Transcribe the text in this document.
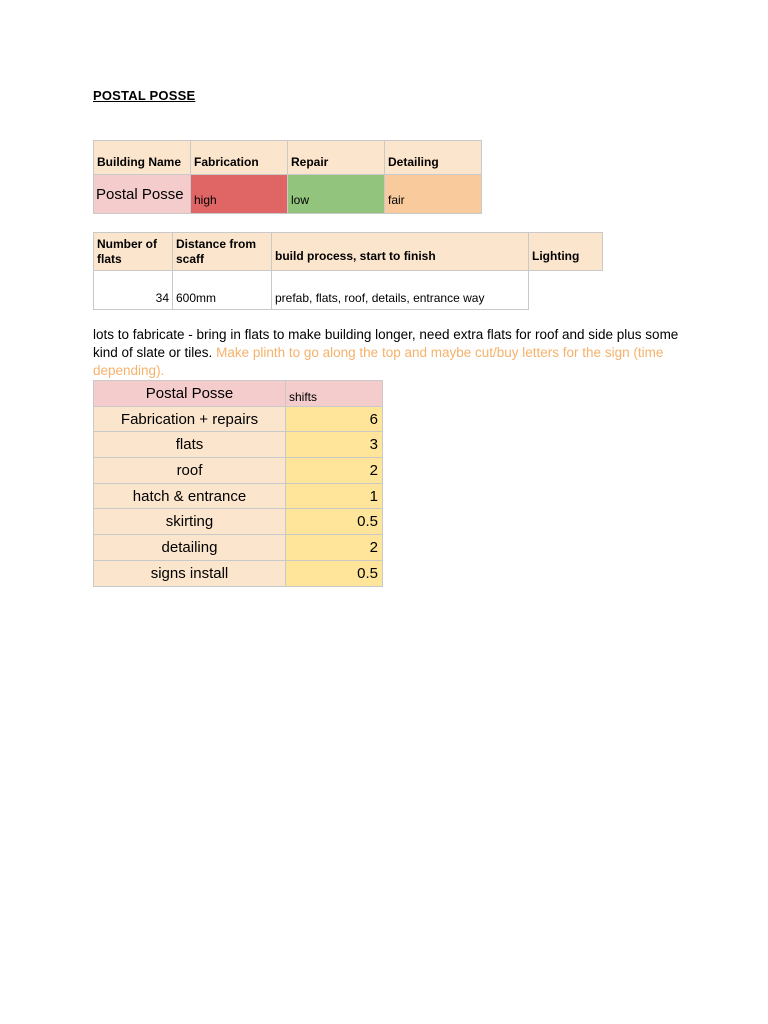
POSTAL POSSE
Building Name	Fabrication	Repair	Detailing
Postal Posse	high	low	fair
Number of flats	Distance from scaff	build process, start to finish	Lighting
34	600mm	prefab, flats, roof, details, entrance way	
lots to fabricate - bring in flats to make building longer, need extra flats for roof and side plus some kind of slate or tiles. Make plinth to go along the top and maybe cut/buy letters for the sign (time depending).
Postal Posse	shifts
Fabrication + repairs	6
flats	3
roof	2
hatch & entrance	1
skirting	0.5
detailing	2
signs install	0.5
